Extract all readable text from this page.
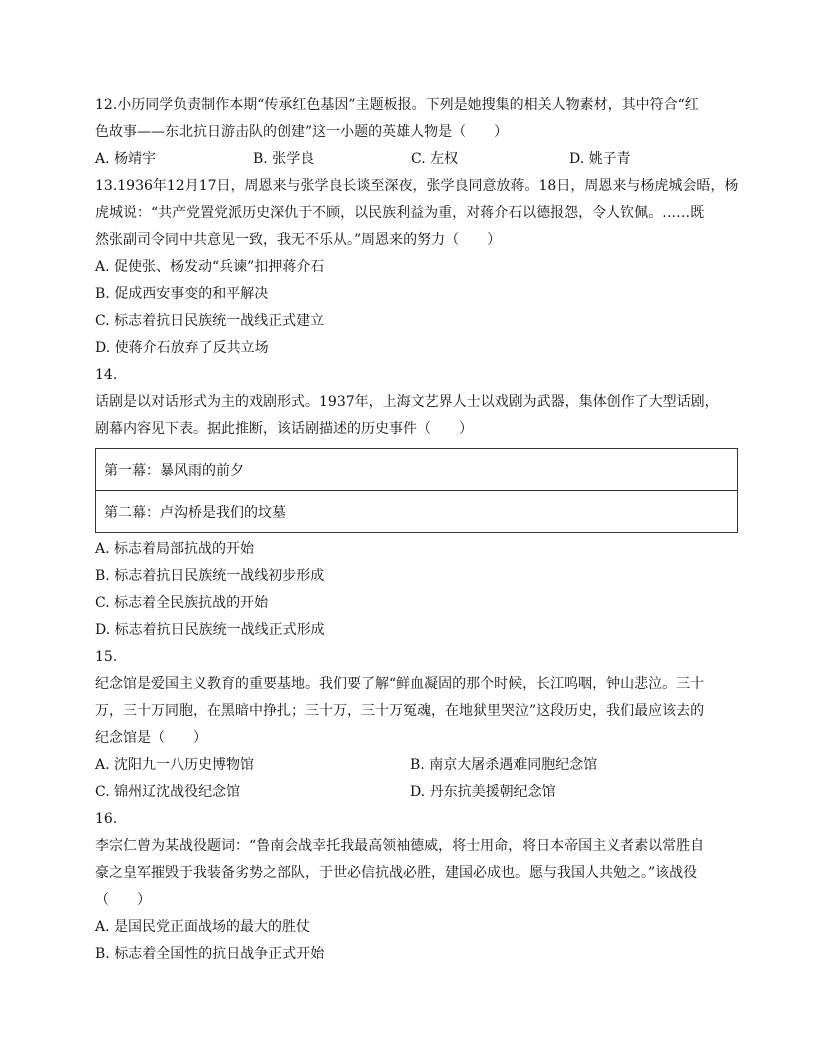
12.小历同学负责制作本期“传承红色基因”主题板报。下列是她搜集的相关人物素材，其中符合“红
色故事——东北抗日游击队的创建”这一小题的英雄人物是（　　）
A. 杨靖宇	B. 张学良	C. 左权	D. 姚子青
13.1936年12月17日，周恩来与张学良长谈至深夜，张学良同意放蒋。18日，周恩来与杨虎城会晤，杨
虎城说：“共产党置党派历史深仇于不顾，以民族利益为重，对蒋介石以德报怨，令人钦佩。……既
然张副司令同中共意见一致，我无不乐从。”周恩来的努力（　　）
A. 促使张、杨发动“兵谏”扣押蒋介石
B. 促成西安事变的和平解决
C. 标志着抗日民族统一战线正式建立
D. 使蒋介石放弃了反共立场
14.
话剧是以对话形式为主的戏剧形式。1937年，上海文艺界人士以戏剧为武器，集体创作了大型话剧，
剧幕内容见下表。据此推断，该话剧描述的历史事件（　　）
第一幕：暴风雨的前夕
第二幕：卢沟桥是我们的坟墓
A. 标志着局部抗战的开始
B. 标志着抗日民族统一战线初步形成
C. 标志着全民族抗战的开始
D. 标志着抗日民族统一战线正式形成
15.
纪念馆是爱国主义教育的重要基地。我们要了解“鲜血凝固的那个时候，长江呜咽，钟山悲泣。三十
万，三十万同胞，在黑暗中挣扎；三十万，三十万冤魂，在地狱里哭泣”这段历史，我们最应该去的
纪念馆是（　　）
A. 沈阳九一八历史博物馆	B. 南京大屠杀遇难同胞纪念馆
C. 锦州辽沈战役纪念馆	D. 丹东抗美援朝纪念馆
16.
李宗仁曾为某战役题词：“鲁南会战幸托我最高领袖德威，将士用命，将日本帝国主义者素以常胜自
豪之皇军摧毁于我装备劣势之部队，于世必信抗战必胜，建国必成也。愿与我国人共勉之。”该战役
（　　）
A. 是国民党正面战场的最大的胜仗
B. 标志着全国性的抗日战争正式开始
